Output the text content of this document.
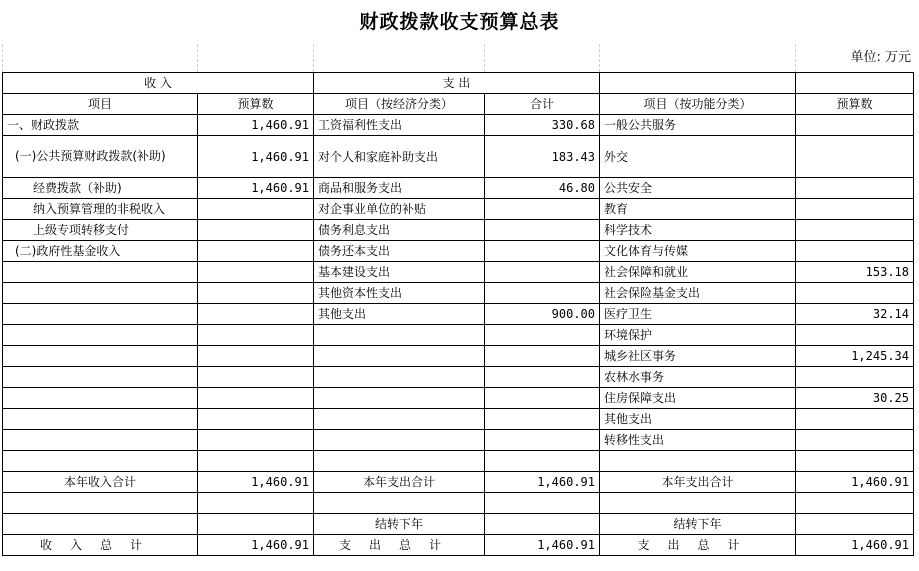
财政拨款收支预算总表
单位: 万元
收 入		支 出			
项目	预算数	项目（按经济分类）	合计	项目（按功能分类）	预算数
一、财政拨款	1,460.91	工资福利性支出	330.68	一般公共服务	
(一)公共预算财政拨款(补助)	1,460.91	对个人和家庭补助支出	183.43	外交	
经费拨款（补助)	1,460.91	商品和服务支出	46.80	公共安全	
纳入预算管理的非税收入		对企事业单位的补贴		教育	
上级专项转移支付		债务利息支出		科学技术	
(二)政府性基金收入		债务还本支出		文化体育与传媒	
		基本建设支出		社会保障和就业	153.18
		其他资本性支出		社会保险基金支出	
		其他支出	900.00	医疗卫生	32.14
				环境保护	
				城乡社区事务	1,245.34
				农林水事务	
				住房保障支出	30.25
				其他支出	
				转移性支出	

本年收入合计	1,460.91	本年支出合计	1,460.91	本年支出合计	1,460.91

		结转下年		结转下年	
收入总计	1,460.91	支出总计	1,460.91	支出总计	1,460.91
